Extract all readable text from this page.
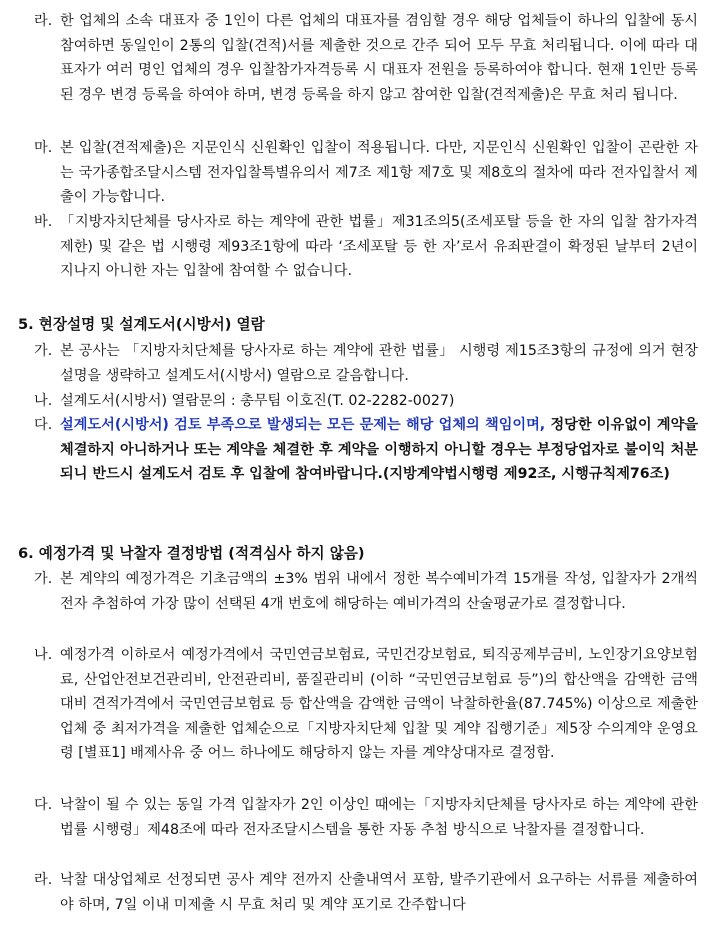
라. 한 업체의 소속 대표자 중 1인이 다른 업체의 대표자를 겸임할 경우 해당 업체들이 하나의 입찰에 동시 참여하면 동일인이 2통의 입찰(견적)서를 제출한 것으로 간주 되어 모두 무효 처리됩니다. 이에 따라 대표자가 여러 명인 업체의 경우 입찰참가자격등록 시 대표자 전원을 등록하여야 합니다. 현재 1인만 등록된 경우 변경 등록을 하여야 하며, 변경 등록을 하지 않고 참여한 입찰(견적제출)은 무효 처리 됩니다.
마. 본 입찰(견적제출)은 지문인식 신원확인 입찰이 적용됩니다. 다만, 지문인식 신원확인 입찰이 곤란한 자는 국가종합조달시스템 전자입찰특별유의서 제7조 제1항 제7호 및 제8호의 절차에 따라 전자입찰서 제출이 가능합니다.
바. 「지방자치단체를 당사자로 하는 계약에 관한 법률」제31조의5(조세포탈 등을 한 자의 입찰 참가자격 제한) 및 같은 법 시행령 제93조1항에 따라 ‘조세포탈 등 한 자’로서 유죄판결이 확정된 날부터 2년이 지나지 아니한 자는 입찰에 참여할 수 없습니다.
5. 현장설명 및 설계도서(시방서) 열람
가. 본 공사는 「지방자치단체를 당사자로 하는 계약에 관한 법률」 시행령 제15조3항의 규정에 의거 현장설명을 생략하고 설계도서(시방서) 열람으로 갈음합니다.
나. 설계도서(시방서) 열람문의 : 총무팀 이호진(T. 02-2282-0027)
다. 설계도서(시방서) 검토 부족으로 발생되는 모든 문제는 해당 업체의 책임이며, 정당한 이유없이 계약을 체결하지 아니하거나 또는 계약을 체결한 후 계약을 이행하지 아니할 경우는 부정당업자로 불이익 처분되니 반드시 설계도서 검토 후 입찰에 참여바랍니다.(지방계약법시행령 제92조, 시행규칙제76조)
6. 예정가격 및 낙찰자 결정방법 (적격심사 하지 않음)
가. 본 계약의 예정가격은 기초금액의 ±3% 범위 내에서 정한 복수예비가격 15개를 작성, 입찰자가 2개씩 전자 추첨하여 가장 많이 선택된 4개 번호에 해당하는 예비가격의 산술평균가로 결정합니다.
나. 예정가격 이하로서 예정가격에서 국민연금보험료, 국민건강보험료, 퇴직공제부금비, 노인장기요양보험료, 산업안전보건관리비, 안전관리비, 품질관리비 (이하 “국민연금보험료 등”)의 합산액을 감액한 금액 대비 견적가격에서 국민연금보험료 등 합산액을 감액한 금액이 낙찰하한율(87.745%) 이상으로 제출한 업체 중 최저가격을 제출한 업체순으로「지방자치단체 입찰 및 계약 집행기준」제5장 수의계약 운영요령 [별표1] 배제사유 중 어느 하나에도 해당하지 않는 자를 계약상대자로 결정함.
다. 낙찰이 될 수 있는 동일 가격 입찰자가 2인 이상인 때에는「지방자치단체를 당사자로 하는 계약에 관한 법률 시행령」제48조에 따라 전자조달시스템을 통한 자동 추첨 방식으로 낙찰자를 결정합니다.
라. 낙찰 대상업체로 선정되면 공사 계약 전까지 산출내역서 포함, 발주기관에서 요구하는 서류를 제출하여야 하며, 7일 이내 미제출 시 무효 처리 및 계약 포기로 간주합니다
